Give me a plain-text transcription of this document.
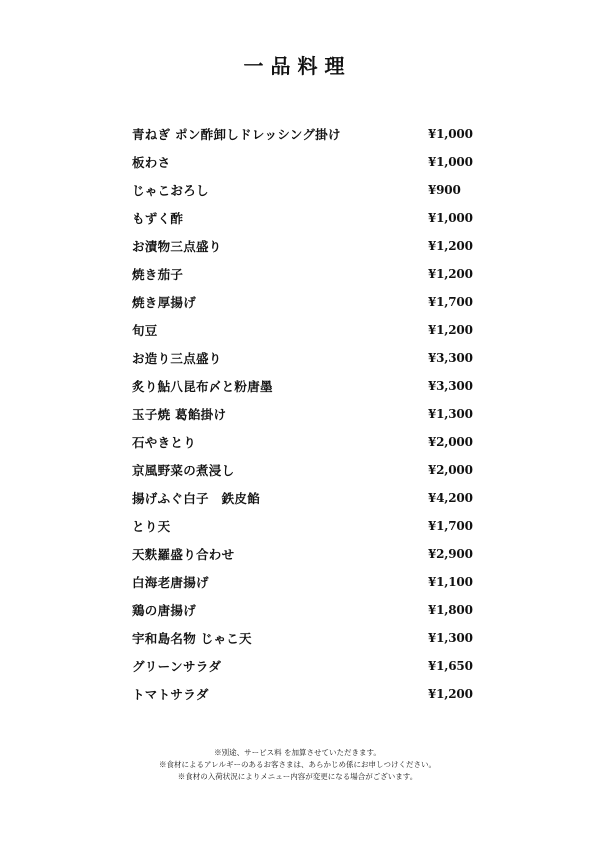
一品料理
青ねぎ ポン酢卸しドレッシング掛け	¥1,000
板わさ	¥1,000
じゃこおろし	¥900
もずく酢	¥1,000
お漬物三点盛り	¥1,200
焼き茄子	¥1,200
焼き厚揚げ	¥1,700
旬豆	¥1,200
お造り三点盛り	¥3,300
炙り鮎八昆布〆と粉唐墨	¥3,300
玉子焼 葛餡掛け	¥1,300
石やきとり	¥2,000
京風野菜の煮浸し	¥2,000
揚げふぐ白子　鉄皮餡	¥4,200
とり天	¥1,700
天麩羅盛り合わせ	¥2,900
白海老唐揚げ	¥1,100
鶏の唐揚げ	¥1,800
宇和島名物 じゃこ天	¥1,300
グリーンサラダ	¥1,650
トマトサラダ	¥1,200
※別途、サービス料 を加算させていただきます。
※食材によるアレルギーのあるお客さまは、あらかじめ係にお申しつけください。
※食材の入荷状況によりメニュー内容が変更になる場合がございます。
